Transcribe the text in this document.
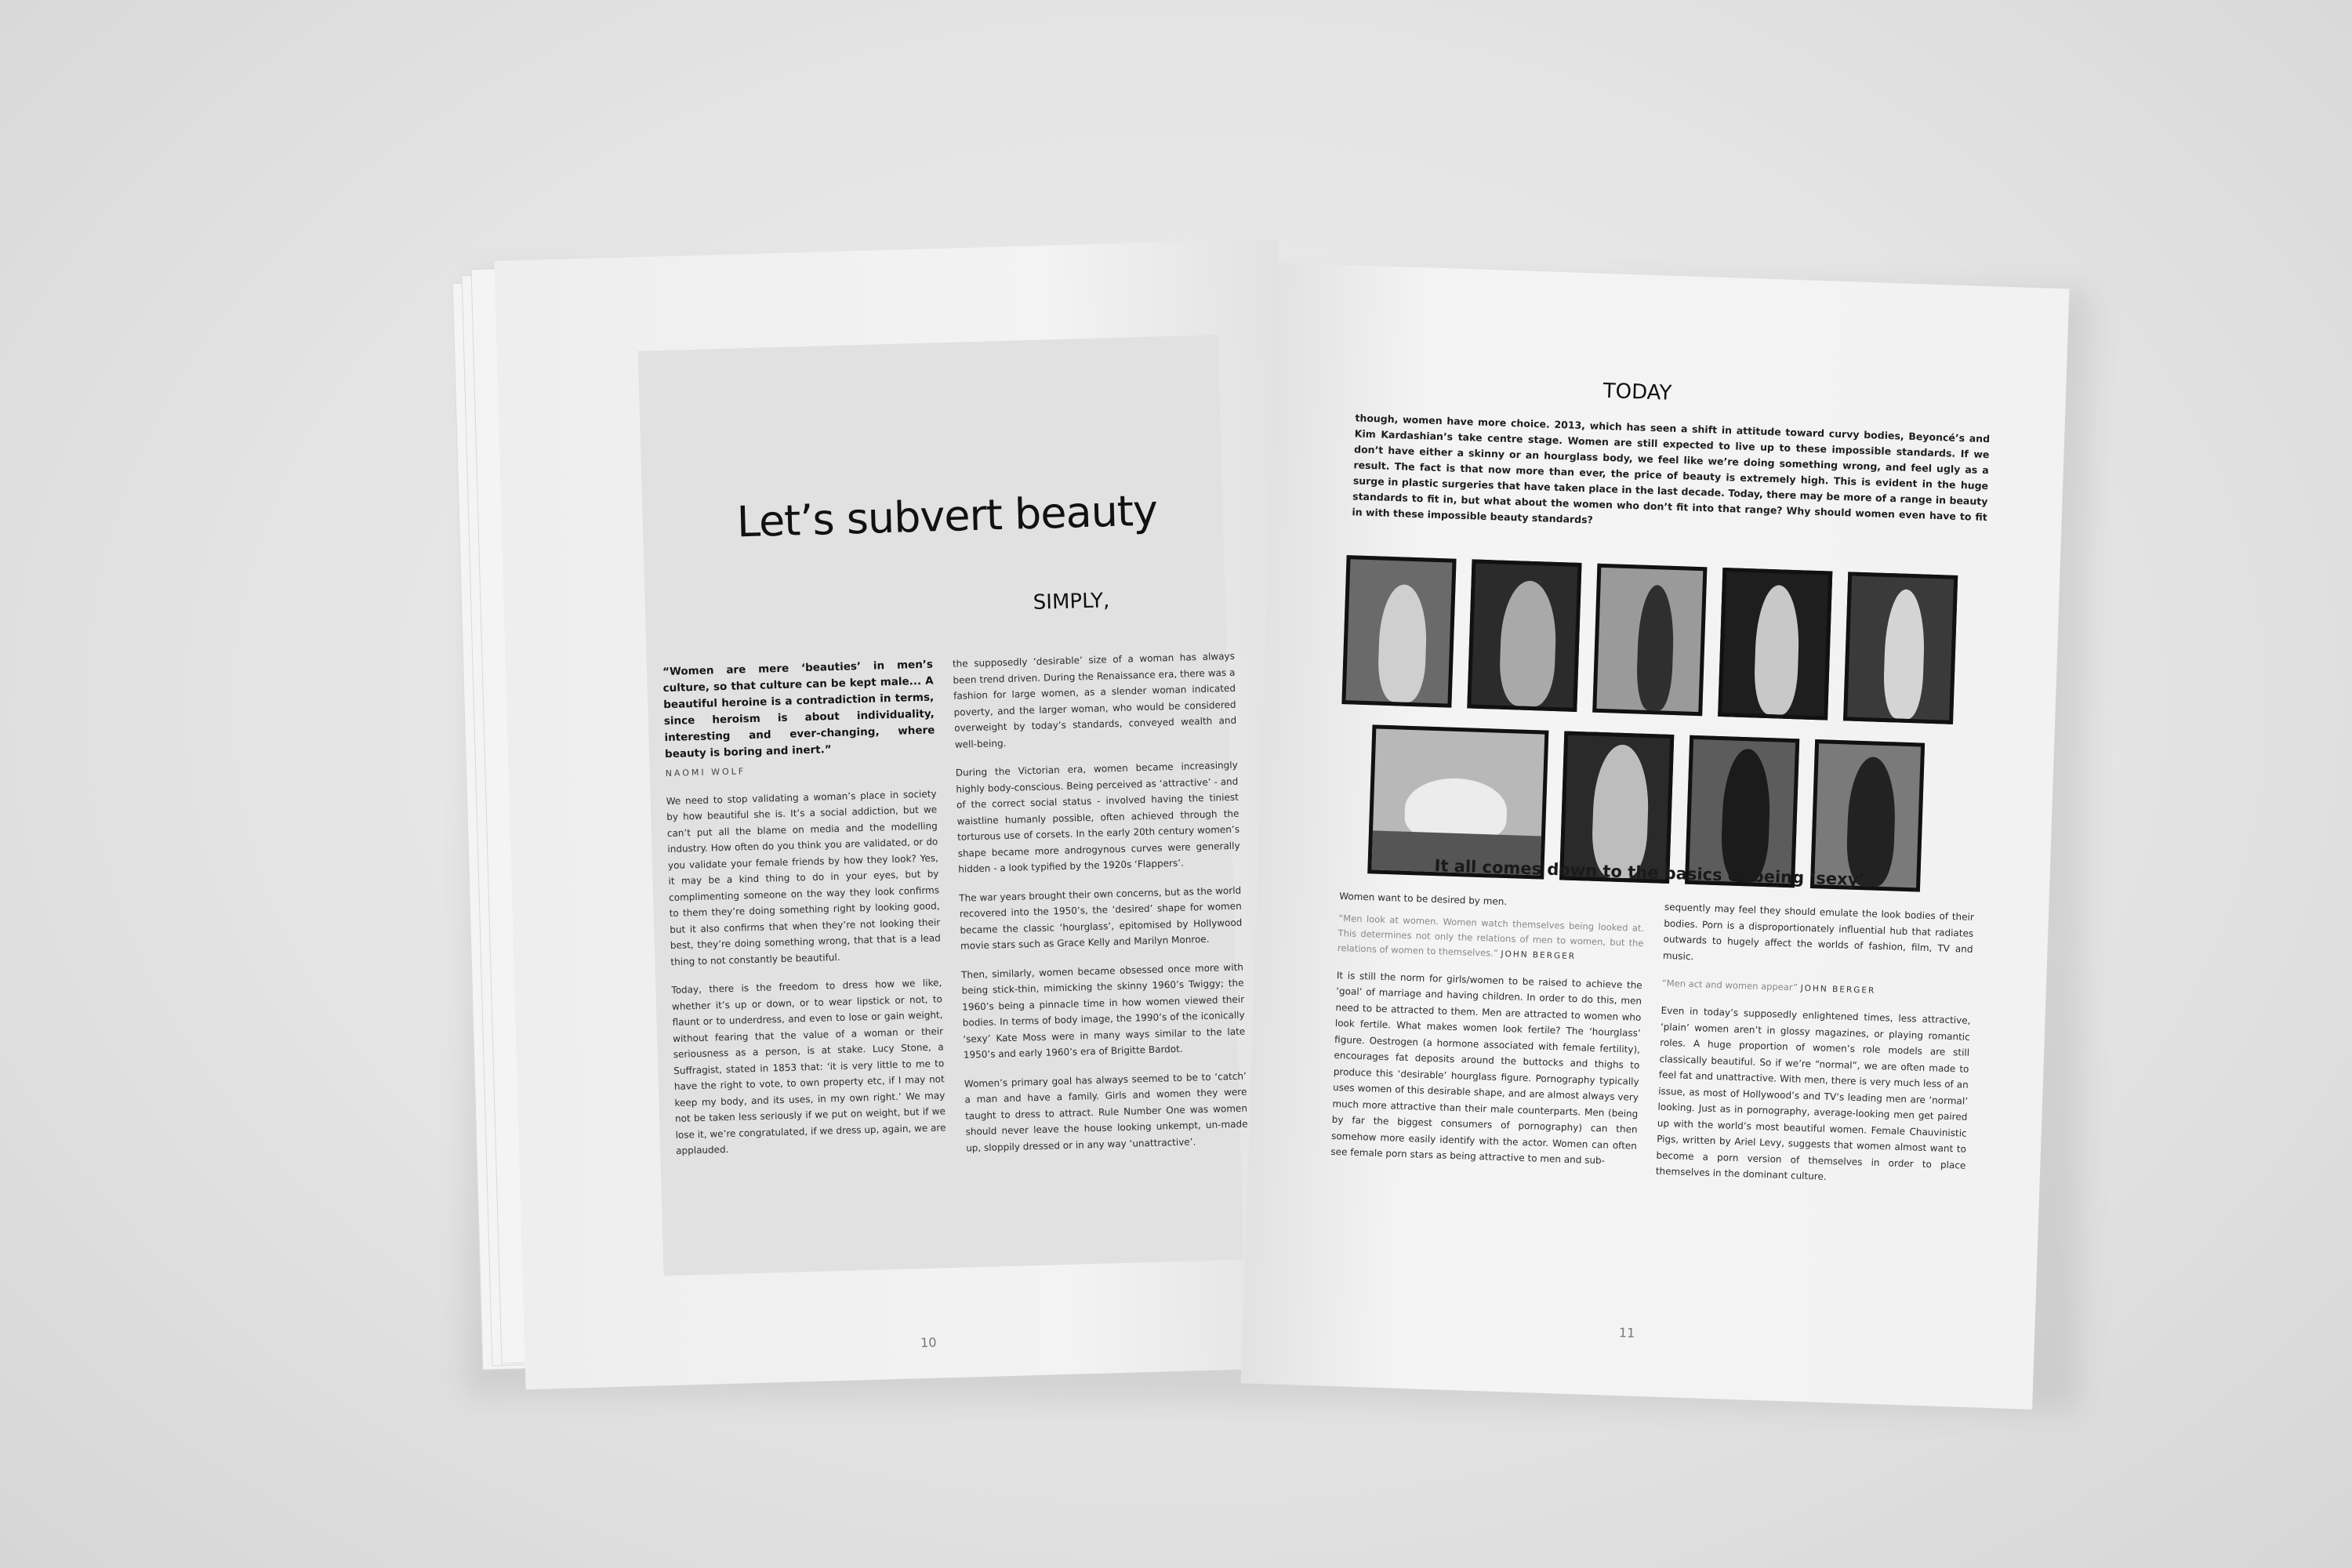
Let’s subvert beauty
SIMPLY,
“Women are mere ‘beauties’ in men’s culture, so that culture can be kept male... A beautiful heroine is a contradiction in terms, since heroism is about individuality, interesting and ever-changing, where beauty is boring and inert.”
NAOMI WOLF

We need to stop validating a woman’s place in society by how beautiful she is. It’s a social addiction, but we can’t put all the blame on media and the modelling industry. How often do you think you are validated, or do you validate your female friends by how they look? Yes, it may be a kind thing to do in your eyes, but by complimenting someone on the way they look confirms to them they’re doing something right by looking good, but it also confirms that when they’re not looking their best, they’re doing something wrong, that that is a lead thing to not constantly be beautiful.

Today, there is the freedom to dress how we like, whether it’s up or down, or to wear lipstick or not, to flaunt or to underdress, and even to lose or gain weight, without fearing that the value of a woman or their seriousness as a person, is at stake. Lucy Stone, a Suffragist, stated in 1853 that: ‘it is very little to me to have the right to vote, to own property etc, if I may not keep my body, and its uses, in my own right.’ We may not be taken less seriously if we put on weight, but if we lose it, we’re congratulated, if we dress up, again, we are applauded.

the supposedly ‘desirable’ size of a woman has always been trend driven. During the Renaissance era, there was a fashion for large women, as a slender woman indicated poverty, and the larger woman, who would be considered overweight by today’s standards, conveyed wealth and well-being.

During the Victorian era, women became increasingly highly body-conscious. Being perceived as ‘attractive’ - and of the correct social status - involved having the tiniest waistline humanly possible, often achieved through the torturous use of corsets. In the early 20th century women’s shape became more androgynous curves were generally hidden - a look typified by the 1920s ‘Flappers’.

The war years brought their own concerns, but as the world recovered into the 1950’s, the ‘desired’ shape for women became the classic ‘hourglass’, epitomised by Hollywood movie stars such as Grace Kelly and Marilyn Monroe.

Then, similarly, women became obsessed once more with being stick-thin, mimicking the skinny 1960’s Twiggy; the 1960’s being a pinnacle time in how women viewed their bodies. In terms of body image, the 1990’s of the iconically ‘sexy’ Kate Moss were in many ways similar to the late 1950’s and early 1960’s era of Brigitte Bardot.

Women’s primary goal has always seemed to be to ‘catch’ a man and have a family. Girls and women they were taught to dress to attract. Rule Number One was women should never leave the house looking unkempt, un-made up, sloppily dressed or in any way ‘unattractive’.

10
TODAY
though, women have more choice. 2013, which has seen a shift in attitude toward curvy bodies, Beyoncé’s and Kim Kardashian’s take centre stage. Women are still expected to live up to these impossible standards. If we don’t have either a skinny or an hourglass body, we feel like we’re doing something wrong, and feel ugly as a result. The fact is that now more than ever, the price of beauty is extremely high. This is evident in the huge surge in plastic surgeries that have taken place in the last decade. Today, there may be more of a range in beauty standards to fit in, but what about the women who don’t fit into that range? Why should women even have to fit in with these impossible beauty standards?
It all comes down to the basics of being ‘sexy’

Women want to be desired by men.

“Men look at women. Women watch themselves being looked at. This determines not only the relations of men to women, but the relations of women to themselves.” JOHN BERGER

It is still the norm for girls/women to be raised to achieve the ‘goal’ of marriage and having children. In order to do this, men need to be attracted to them. Men are attracted to women who look fertile. What makes women look fertile? The ‘hourglass’ figure. Oestrogen (a hormone associated with female fertility), encourages fat deposits around the buttocks and thighs to produce this ‘desirable’ hourglass figure. Pornography typically uses women of this desirable shape, and are almost always very much more attractive than their male counterparts. Men (being by far the biggest consumers of pornography) can then somehow more easily identify with the actor. Women can often see female porn stars as being attractive to men and sub-

sequently may feel they should emulate the look bodies of their bodies. Porn is a disproportionately influential hub that radiates outwards to hugely affect the worlds of fashion, film, TV and music.

“Men act and women appear” JOHN BERGER

Even in today’s supposedly enlightened times, less attractive, ‘plain’ women aren’t in glossy magazines, or playing romantic roles. A huge proportion of women’s role models are still classically beautiful. So if we’re “normal”, we are often made to feel fat and unattractive. With men, there is very much less of an issue, as most of Hollywood’s and TV’s leading men are ‘normal’ looking. Just as in pornography, average-looking men get paired up with the world’s most beautiful women. Female Chauvinistic Pigs, written by Ariel Levy, suggests that women almost want to become a porn version of themselves in order to place themselves in the dominant culture.

11
